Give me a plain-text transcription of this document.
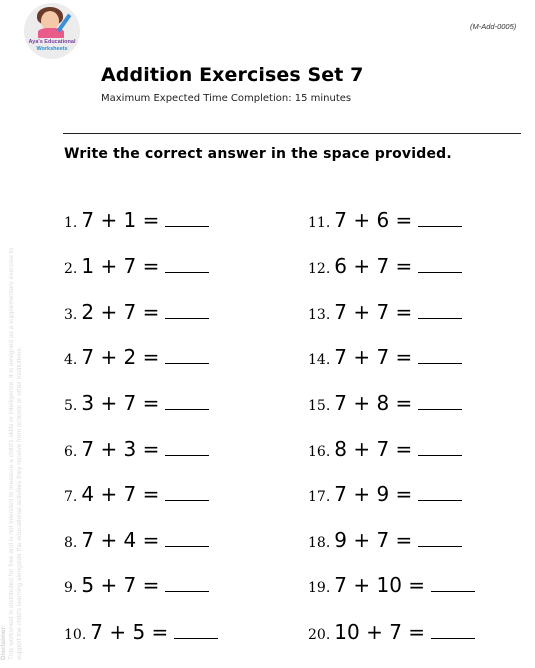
Aya's Educational
Worksheets
(M-Add-0005)
Addition Exercises Set 7
Maximum Expected Time Completion: 15 minutes
Write the correct answer in the space provided.
Disclaimer: This worksheet is distributed for free and is not intended to measure a child's skills or intelligence. It is designed as a supplementary exercise to support the child's learning alongside the educational activities they receive from schools or other institutions.
1. 7 + 1 =
2. 1 + 7 =
3. 2 + 7 =
4. 7 + 2 =
5. 3 + 7 =
6. 7 + 3 =
7. 4 + 7 =
8. 7 + 4 =
9. 5 + 7 =
10. 7 + 5 =
11. 7 + 6 =
12. 6 + 7 =
13. 7 + 7 =
14. 7 + 7 =
15. 7 + 8 =
16. 8 + 7 =
17. 7 + 9 =
18. 9 + 7 =
19. 7 + 10 =
20. 10 + 7 =
